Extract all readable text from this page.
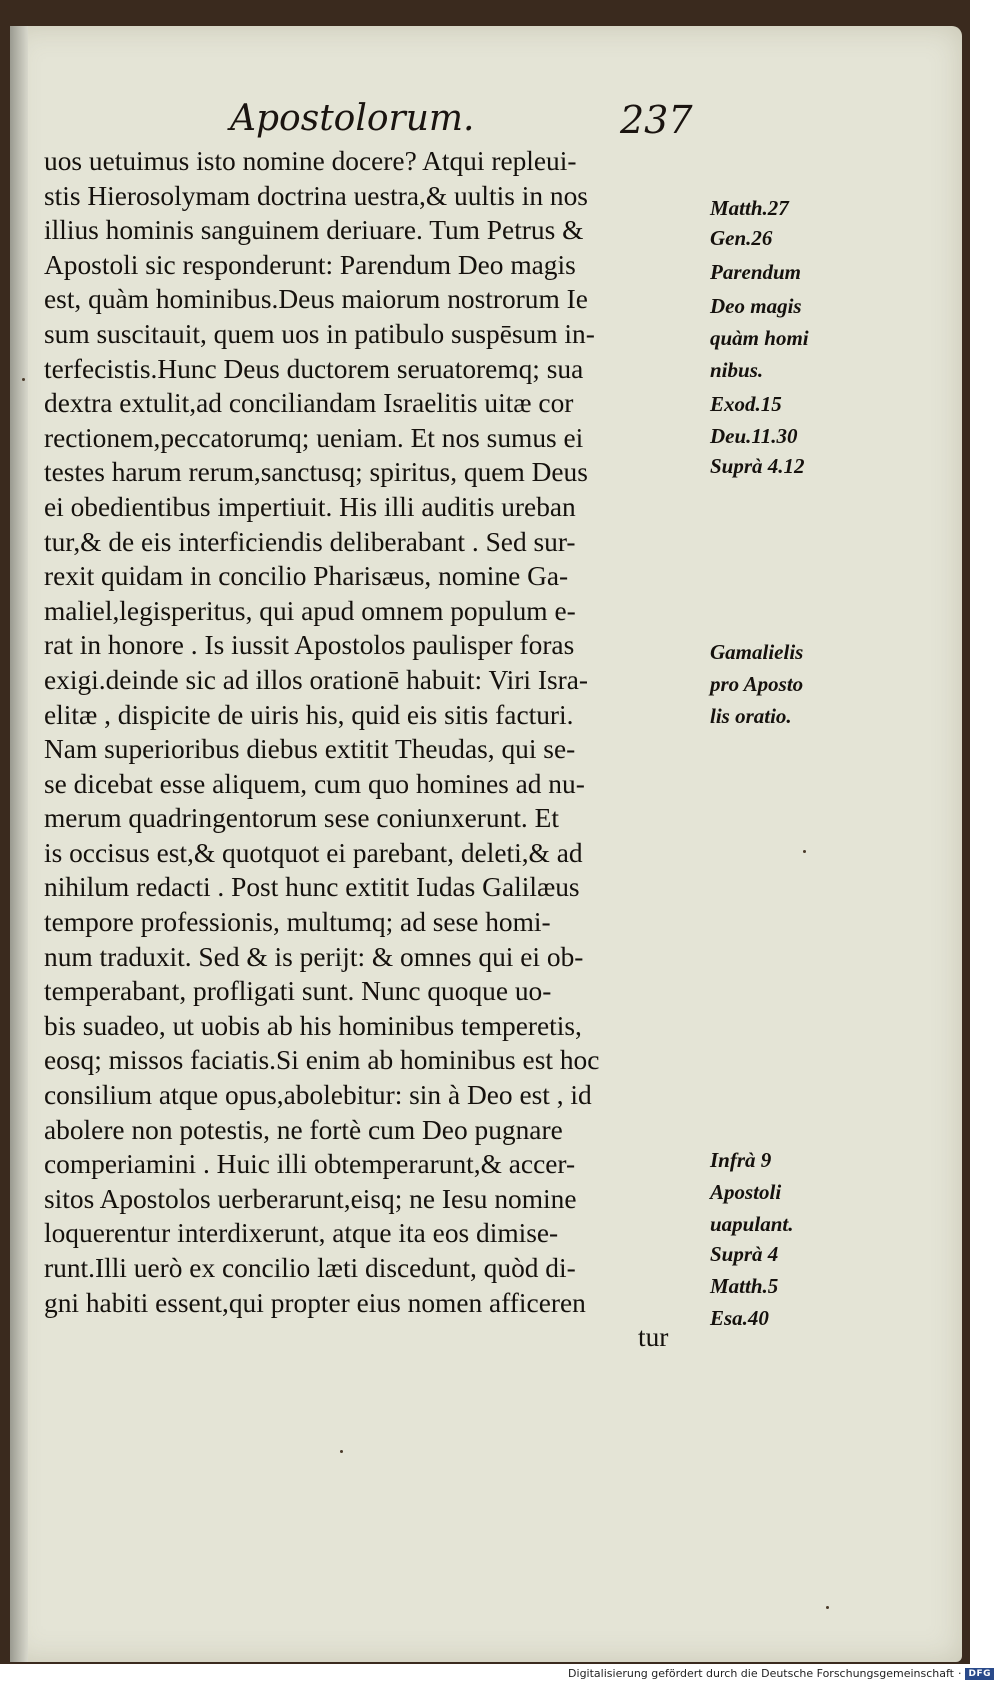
Apostolorum.	237
uos uetuimus isto nomine docere? Atqui repleui-
stis Hierosolymam doctrina uestra,& uultis in nos
illius hominis sanguinem deriuare. Tum Petrus &
Apostoli sic responderunt: Parendum Deo magis
est, quàm hominibus.Deus maiorum nostrorum Ie
sum suscitauit, quem uos in patibulo suspēsum in-
terfecistis.Hunc Deus ductorem seruatoremq; sua
dextra extulit,ad conciliandam Israelitis uitæ cor
rectionem,peccatorumq; ueniam. Et nos sumus ei
testes harum rerum,sanctusq; spiritus, quem Deus
ei obedientibus impertiuit. His illi auditis ureban
tur,& de eis interficiendis deliberabant . Sed sur-
rexit quidam in concilio Pharisæus, nomine Ga-
maliel,legisperitus, qui apud omnem populum e-
rat in honore . Is iussit Apostolos paulisper foras
exigi.deinde sic ad illos orationē habuit: Viri Isra-
elitæ , dispicite de uiris his, quid eis sitis facturi.
Nam superioribus diebus extitit Theudas, qui se-
se dicebat esse aliquem, cum quo homines ad nu-
merum quadringentorum sese coniunxerunt. Et
is occisus est,& quotquot ei parebant, deleti,& ad
nihilum redacti . Post hunc extitit Iudas Galilæus
tempore professionis, multumq; ad sese homi-
num traduxit. Sed & is perijt: & omnes qui ei ob-
temperabant, profligati sunt. Nunc quoque uo-
bis suadeo, ut uobis ab his hominibus temperetis,
eosq; missos faciatis.Si enim ab hominibus est hoc
consilium atque opus,abolebitur: sin à Deo est , id
abolere non potestis, ne fortè cum Deo pugnare
comperiamini . Huic illi obtemperarunt,& accer-
sitos Apostolos uerberarunt,eisq; ne Iesu nomine
loquerentur interdixerunt, atque ita eos dimise-
runt.Illi uerò ex concilio læti discedunt, quòd di-
gni habiti essent,qui propter eius nomen afficeren
tur
Matth.27
Gen.26
Parendum
Deo magis
quàm homi
nibus.
Exod.15
Deu.11.30
Suprà 4.12
Gamalielis
pro Aposto
lis oratio.
Infrà 9
Apostoli
uapulant.
Suprà 4
Matth.5
Esa.40
Digitalisierung gefördert durch die Deutsche Forschungsgemeinschaft · DFG
